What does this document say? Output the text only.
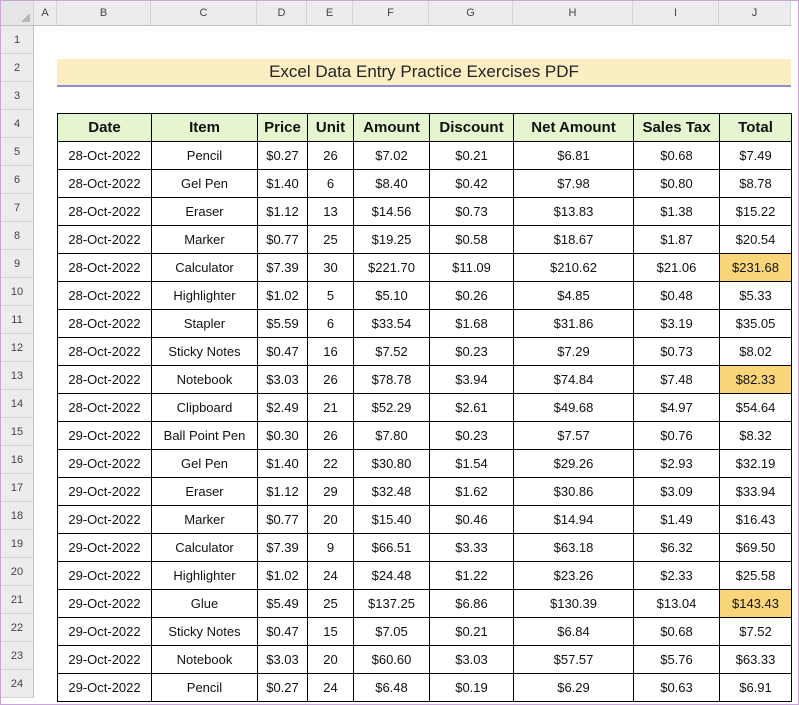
A	B	C	D	E	F	G	H	I	J
1
2
3
4
5
6
7
8
9
10
11
12
13
14
15
16
17
18
19
20
21
22
23
24
Excel Data Entry Practice Exercises PDF
Date	Item	Price	Unit	Amount	Discount	Net Amount	Sales Tax	Total
28-Oct-2022	Pencil	$0.27	26	$7.02	$0.21	$6.81	$0.68	$7.49
28-Oct-2022	Gel Pen	$1.40	6	$8.40	$0.42	$7.98	$0.80	$8.78
28-Oct-2022	Eraser	$1.12	13	$14.56	$0.73	$13.83	$1.38	$15.22
28-Oct-2022	Marker	$0.77	25	$19.25	$0.58	$18.67	$1.87	$20.54
28-Oct-2022	Calculator	$7.39	30	$221.70	$11.09	$210.62	$21.06	$231.68
28-Oct-2022	Highlighter	$1.02	5	$5.10	$0.26	$4.85	$0.48	$5.33
28-Oct-2022	Stapler	$5.59	6	$33.54	$1.68	$31.86	$3.19	$35.05
28-Oct-2022	Sticky Notes	$0.47	16	$7.52	$0.23	$7.29	$0.73	$8.02
28-Oct-2022	Notebook	$3.03	26	$78.78	$3.94	$74.84	$7.48	$82.33
28-Oct-2022	Clipboard	$2.49	21	$52.29	$2.61	$49.68	$4.97	$54.64
29-Oct-2022	Ball Point Pen	$0.30	26	$7.80	$0.23	$7.57	$0.76	$8.32
29-Oct-2022	Gel Pen	$1.40	22	$30.80	$1.54	$29.26	$2.93	$32.19
29-Oct-2022	Eraser	$1.12	29	$32.48	$1.62	$30.86	$3.09	$33.94
29-Oct-2022	Marker	$0.77	20	$15.40	$0.46	$14.94	$1.49	$16.43
29-Oct-2022	Calculator	$7.39	9	$66.51	$3.33	$63.18	$6.32	$69.50
29-Oct-2022	Highlighter	$1.02	24	$24.48	$1.22	$23.26	$2.33	$25.58
29-Oct-2022	Glue	$5.49	25	$137.25	$6.86	$130.39	$13.04	$143.43
29-Oct-2022	Sticky Notes	$0.47	15	$7.05	$0.21	$6.84	$0.68	$7.52
29-Oct-2022	Notebook	$3.03	20	$60.60	$3.03	$57.57	$5.76	$63.33
29-Oct-2022	Pencil	$0.27	24	$6.48	$0.19	$6.29	$0.63	$6.91
